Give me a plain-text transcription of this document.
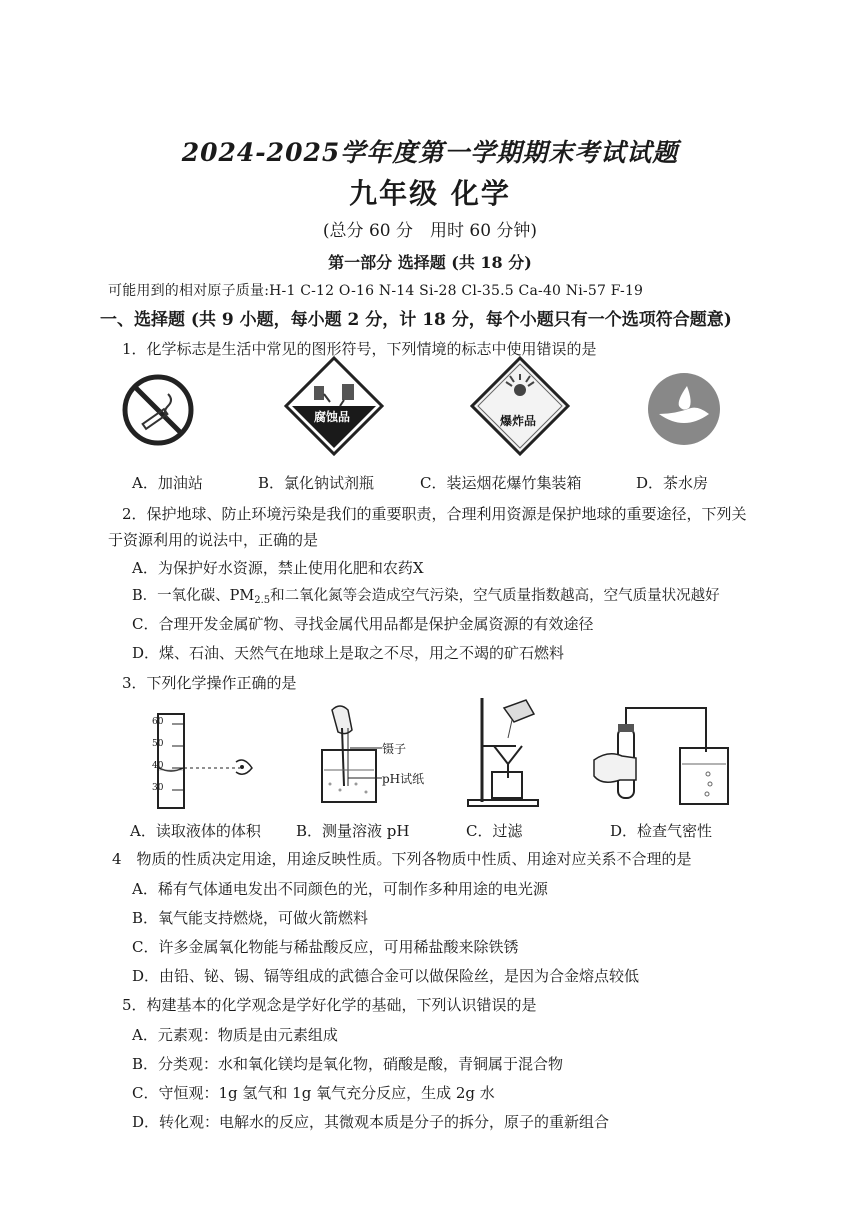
2024-2025学年度第一学期期末考试试题
九年级 化学
(总分 60 分　用时 60 分钟)
第一部分 选择题 (共 18 分)
可能用到的相对原子质量:H-1 C-12 O-16 N-14 Si-28 Cl-35.5 Ca-40 Ni-57 F-19
一、选择题 (共 9 小题，每小题 2 分，计 18 分，每个小题只有一个选项符合题意)
1．化学标志是生活中常见的图形符号，下列情境的标志中使用错误的是
腐蚀品	爆炸品
A．加油站	B．氯化钠试剂瓶	C．装运烟花爆竹集装箱	D．茶水房
2．保护地球、防止环境污染是我们的重要职责，合理利用资源是保护地球的重要途径，下列关
于资源利用的说法中，正确的是
A．为保护好水资源，禁止使用化肥和农药X
B．一氧化碳、$PM_{2.5}$和二氧化氮等会造成空气污染，空气质量指数越高，空气质量状况越好
C．合理开发金属矿物、寻找金属代用品都是保护金属资源的有效途径
D．煤、石油、天然气在地球上是取之不尽，用之不竭的矿石燃料
3．下列化学操作正确的是
60
50
40
30
镊子
pH试纸
A．读取液体的体积 B．测量溶液 pH	C．过滤	D．检查气密性
4　物质的性质决定用途，用途反映性质。下列各物质中性质、用途对应关系不合理的是
A．稀有气体通电发出不同颜色的光，可制作多种用途的电光源
B．氧气能支持燃烧，可做火箭燃料
C．许多金属氧化物能与稀盐酸反应，可用稀盐酸来除铁锈
D．由铅、铋、锡、镉等组成的武德合金可以做保险丝，是因为合金熔点较低
5．构建基本的化学观念是学好化学的基础，下列认识错误的是
A．元素观：物质是由元素组成
B．分类观：水和氧化镁均是氧化物，硝酸是酸，青铜属于混合物
C．守恒观：1g 氢气和 1g 氧气充分反应，生成 2g 水
D．转化观：电解水的反应，其微观本质是分子的拆分，原子的重新组合
